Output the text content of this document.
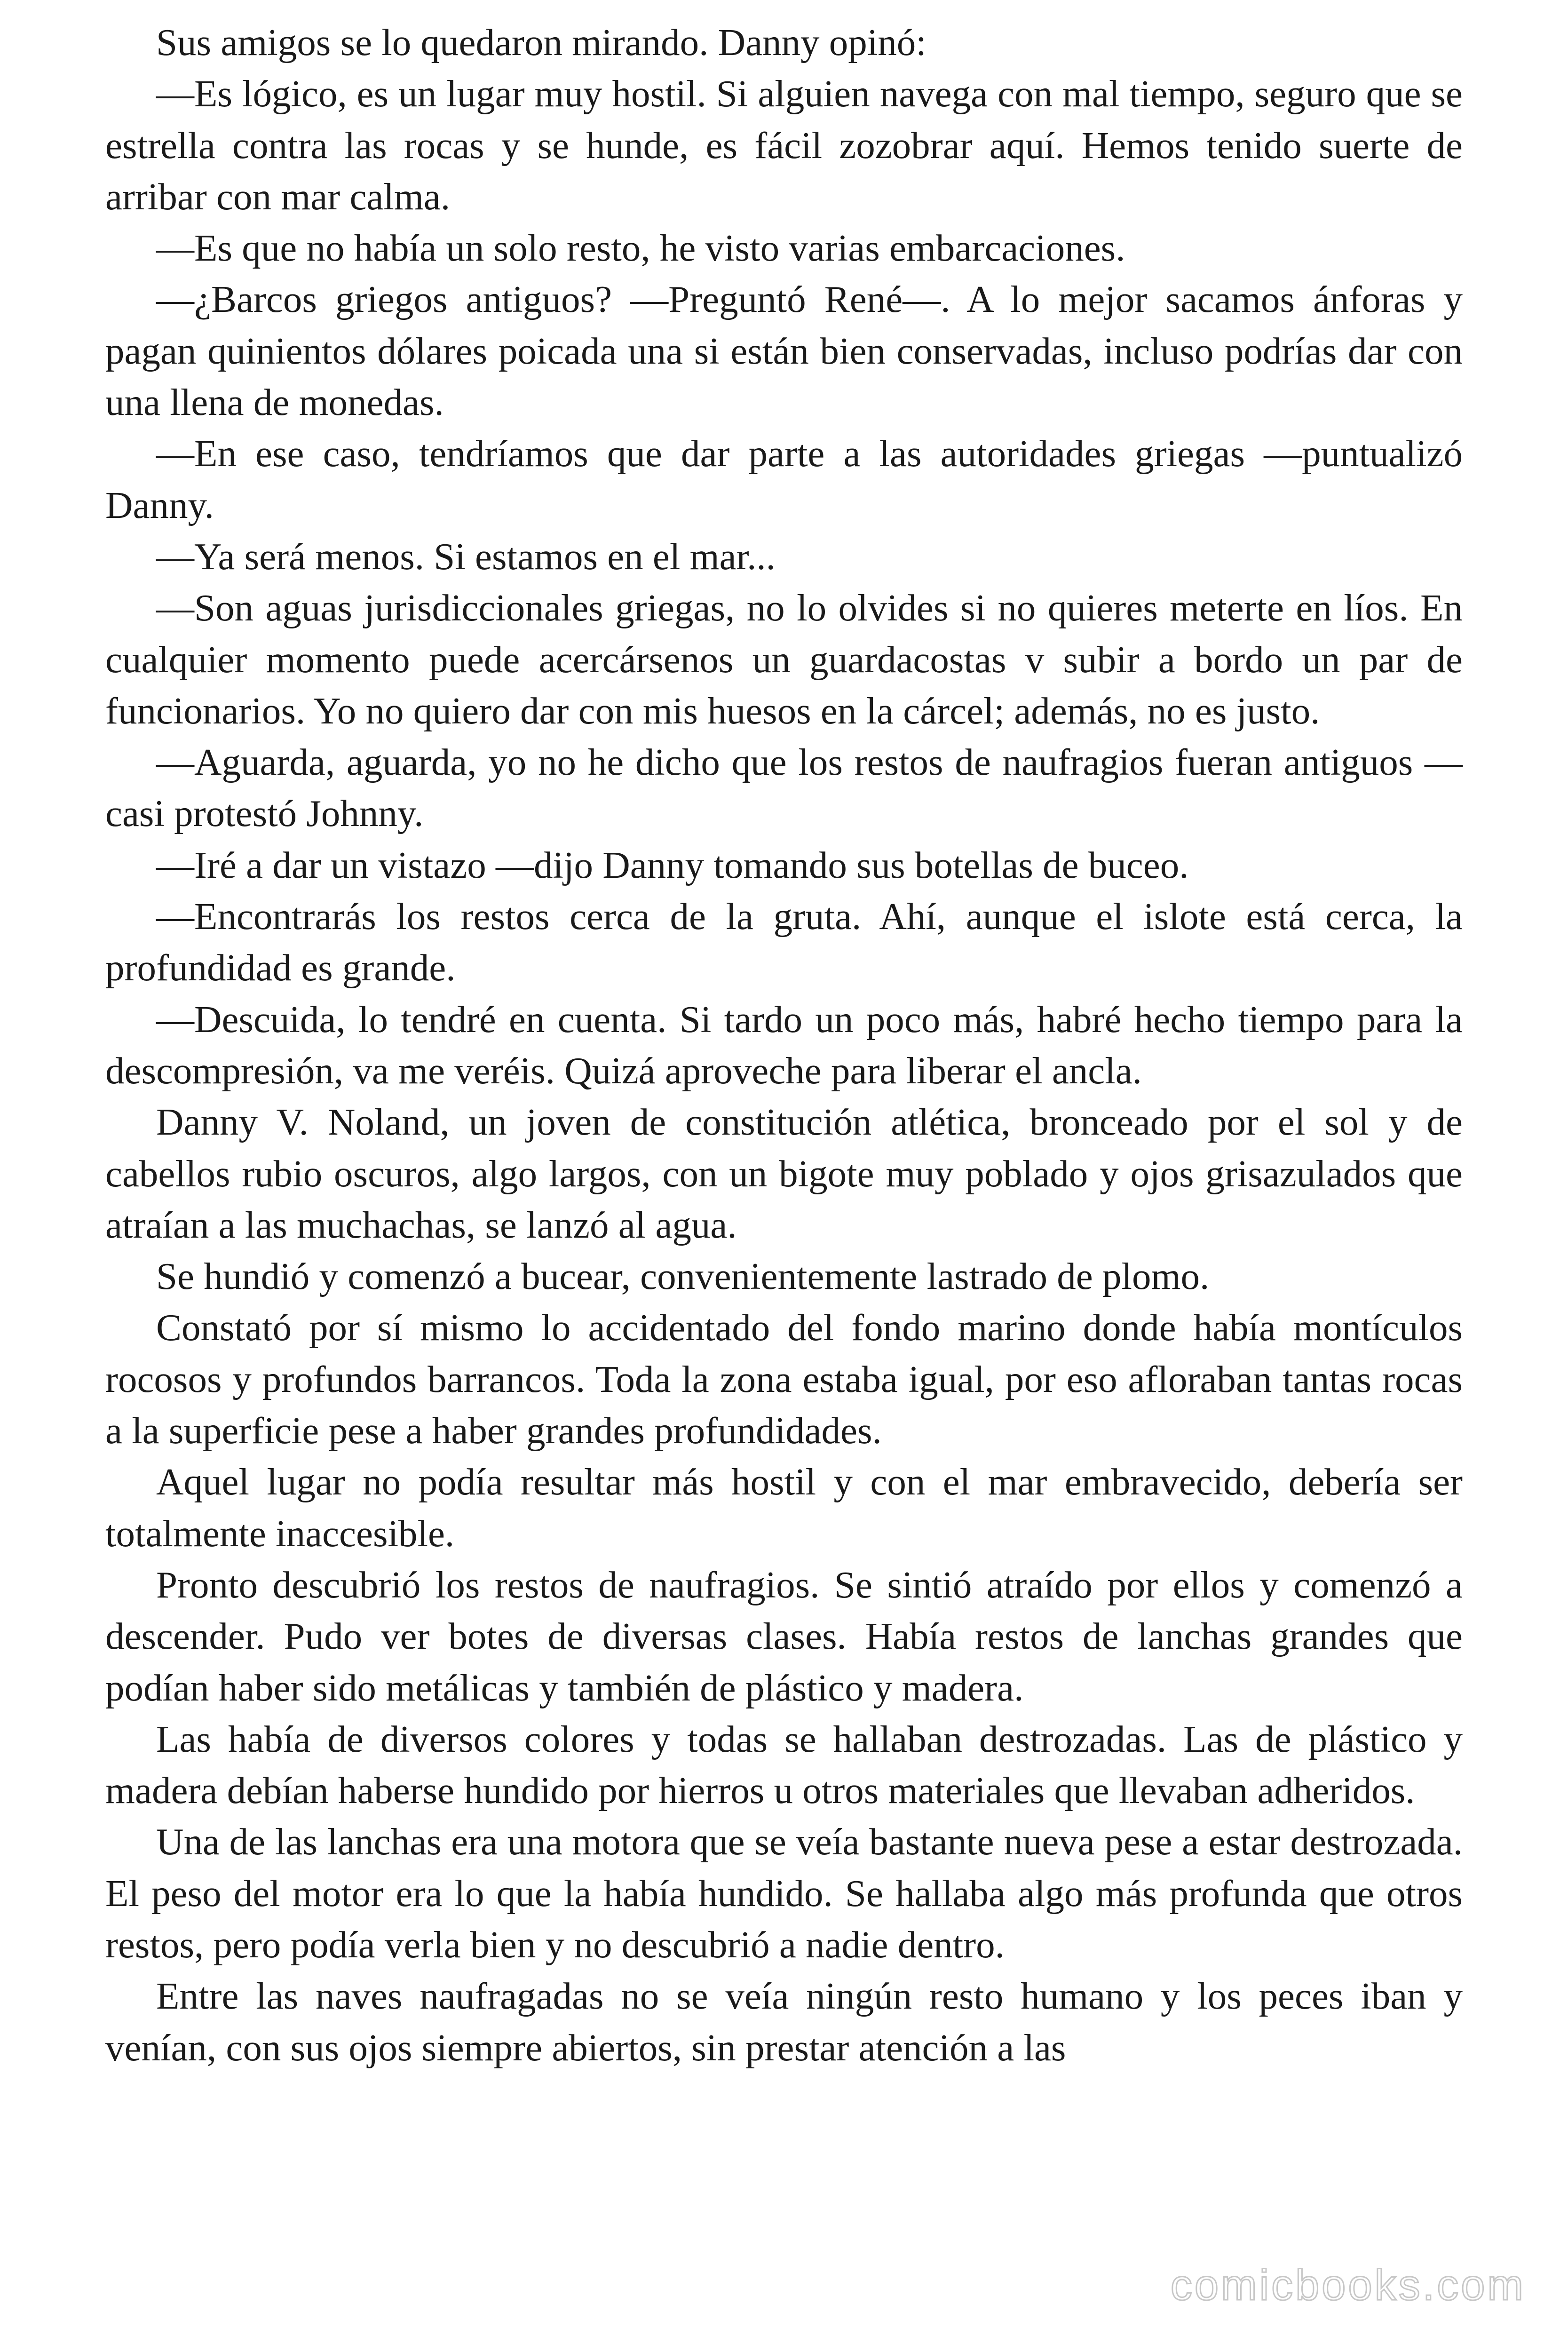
Sus amigos se lo quedaron mirando. Danny opinó:

—Es lógico, es un lugar muy hostil. Si alguien navega con mal tiempo, seguro que se estrella contra las rocas y se hunde, es fácil zozobrar aquí. Hemos tenido suerte de arribar con mar calma.

—Es que no había un solo resto, he visto varias embarcaciones.

—¿Barcos griegos antiguos? —Preguntó René—. A lo mejor sacamos ánforas y pagan quinientos dólares poicada una si están bien conservadas, incluso podrías dar con una llena de monedas.

—En ese caso, tendríamos que dar parte a las autoridades griegas —puntualizó Danny.

—Ya será menos. Si estamos en el mar...

—Son aguas jurisdiccionales griegas, no lo olvides si no quieres meterte en líos. En cualquier momento puede acercársenos un guardacostas v subir a bordo un par de funcionarios. Yo no quiero dar con mis huesos en la cárcel; además, no es justo.

—Aguarda, aguarda, yo no he dicho que los restos de naufragios fueran antiguos —casi protestó Johnny.

—Iré a dar un vistazo —dijo Danny tomando sus botellas de buceo.

—Encontrarás los restos cerca de la gruta. Ahí, aunque el islote está cerca, la profundidad es grande.

—Descuida, lo tendré en cuenta. Si tardo un poco más, habré hecho tiempo para la descompresión, va me veréis. Quizá aproveche para liberar el ancla.

Danny V. Noland, un joven de constitución atlética, bronceado por el sol y de cabellos rubio oscuros, algo largos, con un bigote muy poblado y ojos grisazulados que atraían a las muchachas, se lanzó al agua.

Se hundió y comenzó a bucear, convenientemente lastrado de plomo.

Constató por sí mismo lo accidentado del fondo marino donde había montículos rocosos y profundos barrancos. Toda la zona estaba igual, por eso afloraban tantas rocas a la superficie pese a haber grandes profundidades.

Aquel lugar no podía resultar más hostil y con el mar embravecido, debería ser totalmente inaccesible.

Pronto descubrió los restos de naufragios. Se sintió atraído por ellos y comenzó a descender. Pudo ver botes de diversas clases. Había restos de lanchas grandes que podían haber sido metálicas y también de plástico y madera.

Las había de diversos colores y todas se hallaban destrozadas. Las de plástico y madera debían haberse hundido por hierros u otros materiales que llevaban adheridos.

Una de las lanchas era una motora que se veía bastante nueva pese a estar destrozada. El peso del motor era lo que la había hundido. Se hallaba algo más profunda que otros restos, pero podía verla bien y no descubrió a nadie dentro.

Entre las naves naufragadas no se veía ningún resto humano y los peces iban y venían, con sus ojos siempre abiertos, sin prestar atención a las

comicbooks.com
